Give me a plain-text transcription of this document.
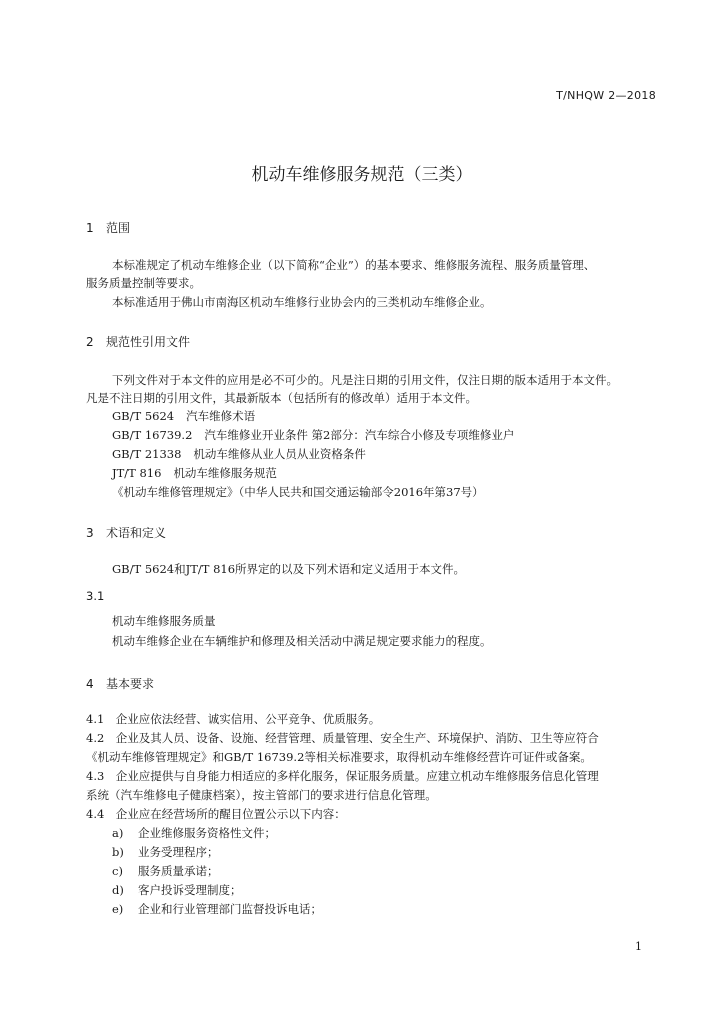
T/NHQW 2—2018
机动车维修服务规范（三类）
1 范围

本标准规定了机动车维修企业（以下简称“企业”）的基本要求、维修服务流程、服务质量管理、

服务质量控制等要求。

本标准适用于佛山市南海区机动车维修行业协会内的三类机动车维修企业。

2 规范性引用文件

下列文件对于本文件的应用是必不可少的。凡是注日期的引用文件，仅注日期的版本适用于本文件。

凡是不注日期的引用文件，其最新版本（包括所有的修改单）适用于本文件。

GB/T 5624 汽车维修术语

GB/T 16739.2 汽车维修业开业条件 第2部分：汽车综合小修及专项维修业户

GB/T 21338 机动车维修从业人员从业资格条件

JT/T 816 机动车维修服务规范

《机动车维修管理规定》（中华人民共和国交通运输部令2016年第37号）

3 术语和定义

GB/T 5624和JT/T 816所界定的以及下列术语和定义适用于本文件。

3.1
机动车维修服务质量

机动车维修企业在车辆维护和修理及相关活动中满足规定要求能力的程度。

4 基本要求

4.1　企业应依法经营、诚实信用、公平竞争、优质服务。

4.2　企业及其人员、设备、设施、经营管理、质量管理、安全生产、环境保护、消防、卫生等应符合

《机动车维修管理规定》和GB/T 16739.2等相关标准要求，取得机动车维修经营许可证件或备案。

4.3　企业应提供与自身能力相适应的多样化服务，保证服务质量。应建立机动车维修服务信息化管理

系统（汽车维修电子健康档案），按主管部门的要求进行信息化管理。

4.4　企业应在经营场所的醒目位置公示以下内容：

a) 企业维修服务资格性文件；

b) 业务受理程序；

c) 服务质量承诺；

d) 客户投诉受理制度；

e) 企业和行业管理部门监督投诉电话；

1
